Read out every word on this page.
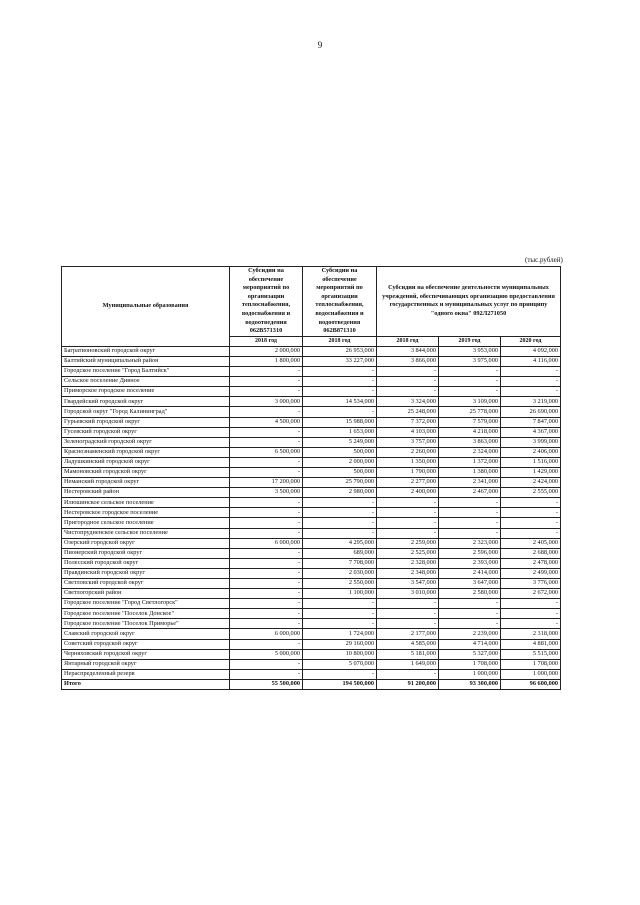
9
(тыс.рублей)
Муниципальные образования	Субсидии на обеспечение мероприятий по организации теплоснабжения, водоснабжения и водоотведения 062В571310	Субсидии на обеспечение мероприятий по организации теплоснабжения, водоснабжения и водоотведения 062В871310	Субсидии на обеспечение деятельности муниципальных учреждений, обеспечивающих организацию предоставления государственных и муниципальных услуг по принципу "одного окна" 092Л271050		
	2018 год	2018 год	2018 год	2019 год	2020 год
Багратионовский городской округ	2 000,000	26 953,000	3 844,000	3 953,000	4 092,000
Балтийский муниципальный район	1 800,000	33 227,000	3 866,000	3 975,000	4 116,000
Городское поселение "Город Балтийск"	-	-	-	-	-
Сельское поселение Дивное	-	-	-	-	-
Приморское городское поселение	-	-	-	-	-
Гвардейский городской округ	3 000,000	14 534,000	3 324,000	3 109,000	3 219,000
Городской округ "Город Калининград"	-	-	25 248,000	25 778,000	26 690,000
Гурьевский городской округ	4 500,000	15 988,000	7 372,000	7 579,000	7 847,000
Гусевский городской округ	-	1 653,000	4 103,000	4 218,000	4 367,000
Зеленоградский городской округ	-	5 249,000	3 757,000	3 863,000	3 999,000
Краснознаменский городской округ	6 500,000	500,000	2 260,000	2 324,000	2 406,000
Ладушкинский городской округ	-	2 000,000	1 350,000	1 372,000	1 516,000
Мамоновский городской округ	-	500,000	1 790,000	1 380,000	1 429,000
Неманский городской округ	17 200,000	25 790,000	2 277,000	2 341,000	2 424,000
Нестеровский район	3 500,000	2 980,000	2 400,000	2 467,000	2 555,000
Илюшинское сельское поселение	-	-	-	-	-
Нестеровское городское поселение	-	-	-	-	-
Пригородное сельское поселение	-	-	-	-	-
Чистопрудненское сельское поселение	-	-	-	-	-
Озерский городской округ	6 000,000	4 295,000	2 259,000	2 323,000	2 405,000
Пионерский городской округ	-	689,000	2 525,000	2 596,000	2 688,000
Полесский городской округ	-	7 708,000	2 328,000	2 393,000	2 478,000
Правдинский городской округ	-	2 030,000	2 348,000	2 414,000	2 499,000
Светловский городской округ	-	2 550,000	3 547,000	3 647,000	3 776,000
Светлогорский район	-	1 100,000	3 010,000	2 580,000	2 672,000
Городское поселение "Город Светлогорск"	-	-	-	-	-
Городское поселение "Поселок Донское"	-	-	-	-	-
Городское поселение "Поселок Приморье"	-	-	-	-	-
Славский городской округ	6 000,000	1 724,000	2 177,000	2 239,000	2 318,000
Советский городской округ	-	29 160,000	4 585,000	4 714,000	4 881,000
Черняховский городской округ	5 000,000	10 800,000	5 181,000	5 327,000	5 515,000
Янтарный городской округ	-	5 070,000	1 649,000	1 708,000	1 708,000
Нераспределенный резерв	-	-	-	1 000,000	1 000,000
Итого	55 500,000	194 500,000	91 200,000	93 300,000	96 600,000
